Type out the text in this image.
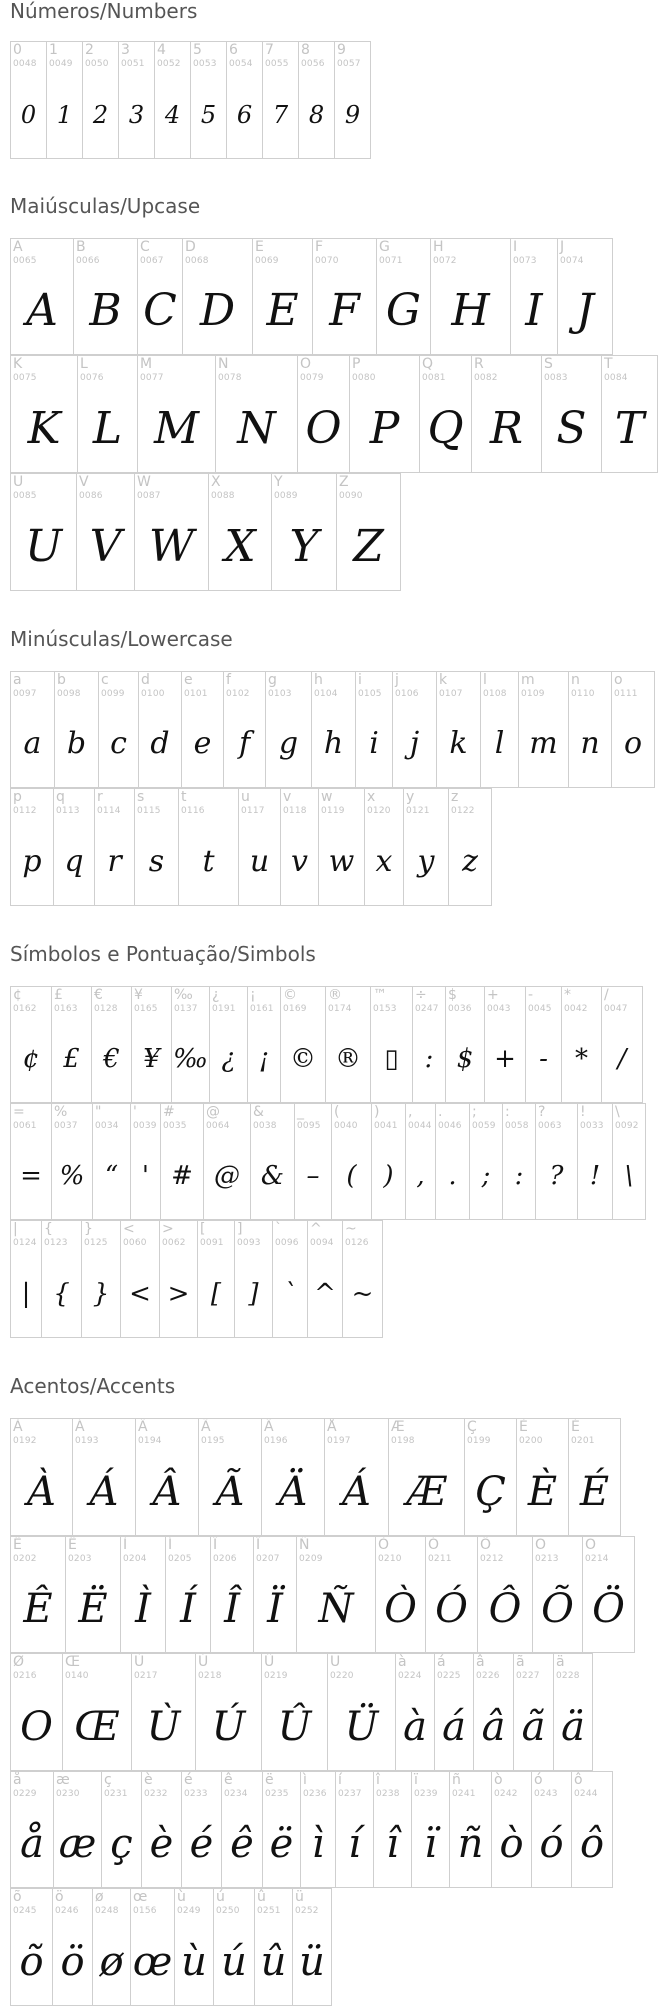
Números/Numbers
0
0048
0
1
0049
1
2
0050
2
3
0051
3
4
0052
4
5
0053
5
6
0054
6
7
0055
7
8
0056
8
9
0057
9
Maiúsculas/Upcase
A
0065
A
B
0066
B
C
0067
C
D
0068
D
E
0069
E
F
0070
F
G
0071
G
H
0072
H
I
0073
I
J
0074
J
K
0075
K
L
0076
L
M
0077
M
N
0078
N
O
0079
O
P
0080
P
Q
0081
Q
R
0082
R
S
0083
S
T
0084
T
U
0085
U
V
0086
V
W
0087
W
X
0088
X
Y
0089
Y
Z
0090
Z
Minúsculas/Lowercase
a
0097
a
b
0098
b
c
0099
c
d
0100
d
e
0101
e
f
0102
f
g
0103
g
h
0104
h
i
0105
i
j
0106
j
k
0107
k
l
0108
l
m
0109
m
n
0110
n
o
0111
o
p
0112
p
q
0113
q
r
0114
r
s
0115
s
t
0116
t
u
0117
u
v
0118
v
w
0119
w
x
0120
x
y
0121
y
z
0122
z
Símbolos e Pontuação/Simbols
¢
0162
¢
£
0163
£
€
0128
€
¥
0165
¥
‰
0137
‰
¿
0191
¿
¡
0161
¡
©
0169
©
®
0174
®
™
0153
▯
÷
0247
:
$
0036
$
+
0043
+
-
0045
-
*
0042
*
/
0047
/
=
0061
=
%
0037
%
"
0034
“
'
0039
'
#
0035
#
@
0064
@
&
0038
&
_
0095
–
(
0040
(
)
0041
)
,
0044
,
.
0046
.
;
0059
;
:
0058
:
?
0063
?
!
0033
!
\
0092
\
|
0124
|
{
0123
{
}
0125
}
<
0060
<
>
0062
>
[
0091
[
]
0093
]
`
0096
`
^
0094
^
~
0126
~
Acentos/Accents
À
0192
À
Á
0193
Á
Â
0194
Â
Ã
0195
Ã
Ä
0196
Ä
Å
0197
Á
Æ
0198
Æ
Ç
0199
Ç
È
0200
È
É
0201
É
Ê
0202
Ê
Ë
0203
Ë
Ì
0204
Ì
Í
0205
Í
Î
0206
Î
Ï
0207
Ï
Ñ
0209
Ñ
Ò
0210
Ò
Ó
0211
Ó
Ô
0212
Ô
Õ
0213
Õ
Ö
0214
Ö
Ø
0216
O
Œ
0140
Œ
Ù
0217
Ù
Ú
0218
Ú
Û
0219
Û
Ü
0220
Ü
à
0224
à
á
0225
á
â
0226
â
ã
0227
ã
ä
0228
ä
å
0229
å
æ
0230
æ
ç
0231
ç
è
0232
è
é
0233
é
ê
0234
ê
ë
0235
ë
ì
0236
ì
í
0237
í
î
0238
î
ï
0239
ï
ñ
0241
ñ
ò
0242
ò
ó
0243
ó
ô
0244
ô
õ
0245
õ
ö
0246
ö
ø
0248
ø
œ
0156
œ
ù
0249
ù
ú
0250
ú
û
0251
û
ü
0252
ü
